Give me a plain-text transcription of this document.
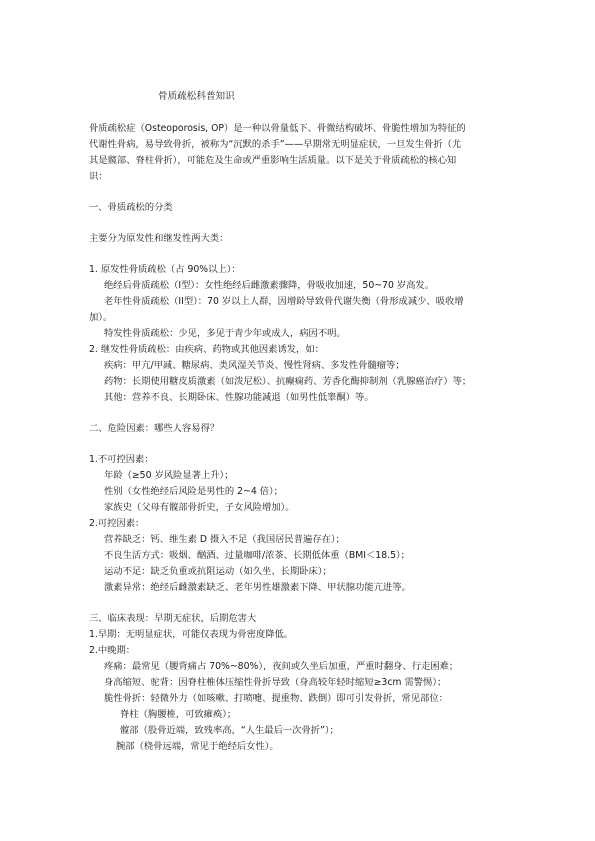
骨质疏松科普知识
骨质疏松症（Osteoporosis, OP）是一种以骨量低下、骨微结构破坏、骨脆性增加为特征的
代谢性骨病，易导致骨折，被称为“沉默的杀手”——早期常无明显症状，一旦发生骨折（尤
其是髋部、脊柱骨折），可能危及生命或严重影响生活质量。以下是关于骨质疏松的核心知
识：
一、骨质疏松的分类
主要分为原发性和继发性两大类：
1. 原发性骨质疏松（占 90%以上）：
绝经后骨质疏松（I型）：女性绝经后雌激素骤降，骨吸收加速，50~70 岁高发。
老年性骨质疏松（II型）：70 岁以上人群，因增龄导致骨代谢失衡（骨形成减少、吸收增
加）。
特发性骨质疏松：少见，多见于青少年或成人，病因不明。
2. 继发性骨质疏松：由疾病、药物或其他因素诱发，如：
疾病：甲亢/甲减、糖尿病、类风湿关节炎、慢性肾病、多发性骨髓瘤等；
药物：长期使用糖皮质激素（如泼尼松）、抗癫痫药、芳香化酶抑制剂（乳腺癌治疗）等；
其他：营养不良、长期卧床、性腺功能减退（如男性低睾酮）等。
二、危险因素：哪些人容易得？
1.不可控因素：
年龄（≥50 岁风险显著上升）；
性别（女性绝经后风险是男性的 2~4 倍）；
家族史（父母有髋部骨折史，子女风险增加）。
2.可控因素：
营养缺乏：钙、维生素 D 摄入不足（我国居民普遍存在）；
不良生活方式：吸烟、酗酒、过量咖啡/浓茶、长期低体重（BMI＜18.5）；
运动不足：缺乏负重或抗阻运动（如久坐、长期卧床）；
激素异常：绝经后雌激素缺乏、老年男性雄激素下降、甲状腺功能亢进等。
三、临床表现：早期无症状，后期危害大
1.早期：无明显症状，可能仅表现为骨密度降低。
2.中晚期：
疼痛：最常见（腰背痛占 70%~80%），夜间或久坐后加重，严重时翻身、行走困难；
身高缩短、驼背：因脊柱椎体压缩性骨折导致（身高较年轻时缩短≥3cm 需警惕）；
脆性骨折：轻微外力（如咳嗽、打喷嚏、提重物、跌倒）即可引发骨折，常见部位：
脊柱（胸腰椎，可致瘫痪）；
髋部（股骨近端，致残率高，“人生最后一次骨折”）；
腕部（桡骨远端，常见于绝经后女性）。
